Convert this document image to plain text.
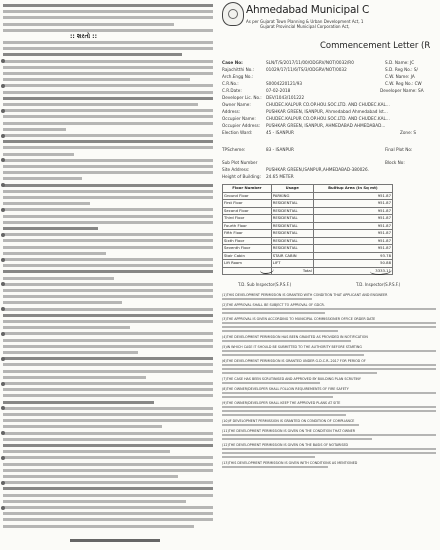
:: શરતો ::
Ahmedabad Municipal C
As per Gujarat Town Planning & Urban Development Act, 1
Gujarat Provincial Municipal Corporation Act,
Commencement Letter (R
Case No:	SLN/T/S/2017/11/00/ODGRV/NOT/0032/R0
Rajachitthi No.:	01029/17/11/6/TS/3/ODGRV/NOT/0032
Arch.Engg No.:
C.R.No.:	S0004220121/93
C.R.Date:	07-02-2018
Developer Lic. No.: DEV/1043/101222
Owner Name:	CHUDEC.KALPUR CO.OP.HOU.SOC.LTD. AND CHUDEC.KAL...
Address:	PUSHKAR GREEN, ISANPUR, Ahmedabad Ahmedabad Ist...
Occupier Name: CHUDEC.KALPUR CO.OP.HOU.SOC.LTD. AND CHUDEC.KAL...
Occupier Address: PUSHKAR GREEN, ISANPUR, AHMEDABAD AHMEDABAD...
Election Ward:	45 - ISANPUR
TPScheme:	83 - ISANPUR
Sub Plot Number
Site Address:	PUSHKAR GREEN,ISANPUR,AHMEDABAD-380026.
Height of Building: 24.65 METER
S.D. Name: JC
S.D. Reg No.: S/
C.W. Name: JA
C.W. Reg No.: CW
Developer Name: SA
Zone: S
Final Plot No:
Block No:
Floor Number	Usage	Builtup Area (In Sq mt)
Ground Floor	PARKING	951.87
First Floor	RESIDENTIAL	951.87
Second Floor	RESIDENTIAL	951.87
Third Floor	RESIDENTIAL	951.87
Fourth Floor	RESIDENTIAL	951.87
Fifth Floor	RESIDENTIAL	951.87
Sixth Floor	RESIDENTIAL	951.87
Seventh Floor	RESIDENTIAL	951.87
Stair Cabin	STAIR CABIN	93.78
Lift Room	LIFT	50.88
	Total	3333.11
T.D. Sub Inspector(S.P.S.F.)	T.D. Inspector(S.P.S.F.)
(1)THIS DEVELOPMENT PERMISSION IS GRANTED WITH CONDITION THAT APPLICANT AND ENGINEER
(2)THE APPROVAL SHALL BE SUBJECT TO APPROVAL OF GDCR.
(3)THE APPROVAL IS GIVEN ACCORDING TO MUNICIPAL COMMISSIONER OFFICE ORDER DATE
(4)THE DEVELOPMENT PERMISSION HAS BEEN GRANTED AS PROVIDED IN NOTIFICATION
(5)IN WHICH CASE IT SHOULD BE SUBMITTED TO THE AUTHORITY BEFORE STARTING
(6)THE DEVELOPMENT PERMISSION IS GRANTED UNDER G.D.C.R.-2017 FOR PERIOD OF
(7)THE CASE HAS BEEN SCRUTINISED AND APPROVED BY BUILDING PLAN SCRUTINY
(8)THE OWNER/DEVELOPER SHALL FOLLOW REQUIREMENTS OF FIRE SAFETY
(9)THE OWNER/DEVELOPER SHALL KEEP THE APPROVED PLANS AT SITE
(10)IF DEVELOPMENT PERMISSION IS GRANTED ON CONDITION OF COMPLIANCE
(11)THE DEVELOPMENT PERMISSION IS GIVEN ON THE CONDITION THAT OWNER
(12)THE DEVELOPMENT PERMISSION IS GIVEN ON THE BASIS OF NOTARISED
(13)THIS DEVELOPMENT PERMISSION IS GIVEN WITH CONDITIONS AS MENTIONED
